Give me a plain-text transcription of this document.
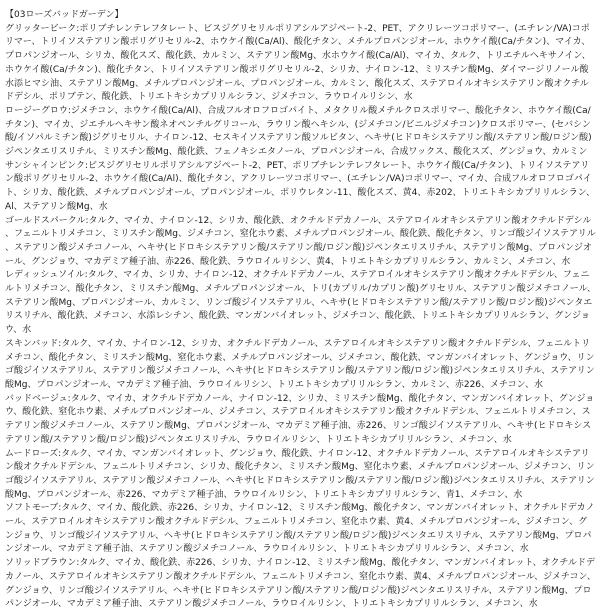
【03ローズバッドガーデン】

グリッタービーク:ポリブチレンテレフタレート、ビスジグリセリルポリアシルアジペート-2、PET、アクリレーツコポリマー、(エチレン/VA)コポリマー、トリイソステアリン酸ポリグリセリル-2、ホウケイ酸(Ca/Al)、酸化チタン、メチルプロパンジオール、ホウケイ酸(Ca/チタン)、マイカ、プロパンジオール、シリカ、酸化スズ、酸化鉄、カルミン、ステアリン酸Mg、水ホウケイ酸(Ca/Al)、マイカ、タルク、トリエチルヘキサノイン、ホウケイ酸(Ca/チタン)、酸化チタン、トリイソステアリン酸ポリグリセリル-2、シリカ、ナイロン-12、ミリスチン酸Mg、ダイマージリノール酸水添ヒマシ油、ステアリン酸Mg、メチルプロパンジオール、プロパンジオール、カルミン、酸化スズ、ステアロイルオキシステアリン酸オクチルドデシル、ポリブテン、酸化鉄、トリエトキシカプリリルシラン、ジメチコン、ラウロイルリシン、水

ロージーグロウ:ジメチコン、ホウケイ酸(Ca/Al)、合成フルオロフロゴパイト、メタクリル酸メチルクロスポリマー、酸化チタン、ホウケイ酸(Ca/チタン)、マイカ、ジエチルヘキサン酸ネオペンチルグリコール、ラウリン酸ヘキシル、(ジメチコン/ビニルジメチコン)クロスポリマー、(セバシン酸/イソパルミチン酸)ジグリセリル、ナイロン-12、セスキイソステアリン酸ソルビタン、ヘキサ(ヒドロキシステアリン酸/ステアリン酸/ロジン酸)ジペンタエリスリチル、ミリスチン酸Mg、酸化鉄、フェノキシエタノール、プロパンジオール、合成ワックス、酸化スズ、グンジョウ、カルミン

サンシャインピンク:ビスジグリセリルポリアシルアジペート-2、PET、ポリブチレンテレフタレート、ホウケイ酸(Ca/チタン)、トリイソステアリン酸ポリグリセリル-2、ホウケイ酸(Ca/Al)、酸化チタン、アクリレーツコポリマー、(エチレン/VA)コポリマー、マイカ、合成フルオロフロゴパイト、シリカ、酸化鉄、メチルプロパンジオール、プロパンジオール、ポリウレタン-11、酸化スズ、黄4、赤202、トリエトキシカプリリルシラン、Al、ステアリン酸Mg、水

ゴールドスパークル:タルク、マイカ、ナイロン-12、シリカ、酸化鉄、オクチルドデカノール、ステアロイルオキシステアリン酸オクチルドデシル、フェニルトリメチコン、ミリスチン酸Mg、ジメチコン、窒化ホウ素、メチルプロパンジオール、酸化鉄、酸化チタン、リンゴ酸ジイソステアリル、ステアリン酸ジメチコノール、ヘキサ(ヒドロキシステアリン酸/ステアリン酸/ロジン酸)ジペンタエリスリチル、ステアリン酸Mg、プロパンジオール、グンジョウ、マカデミア種子油、赤226、酸化鉄、ラウロイルリシン、黄4、トリエトキシカプリリルシラン、カルミン、メチコン、水

レディッシュソイル:タルク、マイカ、シリカ、ナイロン-12、オクチルドデカノール、ステアロイルオキシステアリン酸オクチルドデシル、フェニルトリメチコン、酸化チタン、ミリスチン酸Mg、メチルプロパンジオール、トリ(カプリル/カプリン酸)グリセリル、ステアリン酸ジメチコノール、ステアリン酸Mg、プロパンジオール、カルミン、リンゴ酸ジイソステアリル、ヘキサ(ヒドロキシステアリン酸/ステアリン酸/ロジン酸)ジペンタエリスリチル、酸化鉄、メチコン、水添レシチン、酸化鉄、マンガンバイオレット、ジメチコン、酸化鉄、トリエトキシカプリリルシラン、グンジョウ、水

スキンバッド:タルク、マイカ、ナイロン-12、シリカ、オクチルドデカノール、ステアロイルオキシステアリン酸オクチルドデシル、フェニルトリメチコン、酸化チタン、ミリスチン酸Mg、窒化ホウ素、メチルプロパンジオール、ジメチコン、酸化鉄、マンガンバイオレット、グンジョウ、リンゴ酸ジイソステアリル、ステアリン酸ジメチコノール、ヘキサ(ヒドロキシステアリン酸/ステアリン酸/ロジン酸)ジペンタエリスリチル、ステアリン酸Mg、プロパンジオール、マカデミア種子油、ラウロイルリシン、トリエトキシカプリリルシラン、カルミン、赤226、メチコン、水

バッドベージュ:タルク、マイカ、オクチルドデカノール、ナイロン-12、シリカ、ミリスチン酸Mg、酸化チタン、マンガンバイオレット、グンジョウ、酸化鉄、窒化ホウ素、メチルプロパンジオール、ジメチコン、ステアロイルオキシステアリン酸オクチルドデシル、フェニルトリメチコン、ステアリン酸ジメチコノール、ステアリン酸Mg、プロパンジオール、マカデミア種子油、赤226、リンゴ酸ジイソステアリル、ヘキサ(ヒドロキシステアリン酸/ステアリン酸/ロジン酸)ジペンタエリスリチル、ラウロイルリシン、トリエトキシカプリリルシラン、メチコン、水

ムードローズ:タルク、マイカ、マンガンバイオレット、グンジョウ、酸化鉄、ナイロン-12、オクチルドデカノール、ステアロイルオキシステアリン酸オクチルドデシル、フェニルトリメチコン、シリカ、酸化チタン、ミリスチン酸Mg、窒化ホウ素、メチルプロパンジオール、ジメチコン、リンゴ酸ジイソステアリル、ステアリン酸ジメチコノール、ヘキサ(ヒドロキシステアリン酸/ステアリン酸/ロジン酸)ジペンタエリスリチル、ステアリン酸Mg、プロパンジオール、赤226、マカデミア種子油、ラウロイルリシン、トリエトキシカプリリルシラン、青1、メチコン、水

ソフトモーブ:タルク、マイカ、酸化鉄、赤226、シリカ、ナイロン-12、ミリスチン酸Mg、酸化チタン、マンガンバイオレット、オクチルドデカノール、ステアロイルオキシステアリン酸オクチルドデシル、フェニルトリメチコン、窒化ホウ素、黄4、メチルプロパンジオール、ジメチコン、グンジョウ、リンゴ酸ジイソステアリル、ヘキサ(ヒドロキシステアリン酸/ステアリン酸/ロジン酸)ジペンタエリスリチル、ステアリン酸Mg、プロパンジオール、マカデミア種子油、ステアリン酸ジメチコノール、ラウロイルリシン、トリエトキシカプリリルシラン、メチコン、水

ソリッドブラウン:タルク、マイカ、酸化鉄、赤226、シリカ、ナイロン-12、ミリスチン酸Mg、酸化チタン、マンガンバイオレット、オクチルドデカノール、ステアロイルオキシステアリン酸オクチルドデシル、フェニルトリメチコン、窒化ホウ素、黄4、メチルプロパンジオール、ジメチコン、グンジョウ、リンゴ酸ジイソステアリル、ヘキサ(ヒドロキシステアリン酸/ステアリン酸/ロジン酸)ジペンタエリスリチル、ステアリン酸Mg、プロパンジオール、マカデミア種子油、ステアリン酸ジメチコノール、ラウロイルリシン、トリエトキシカプリリルシラン、メチコン、水
